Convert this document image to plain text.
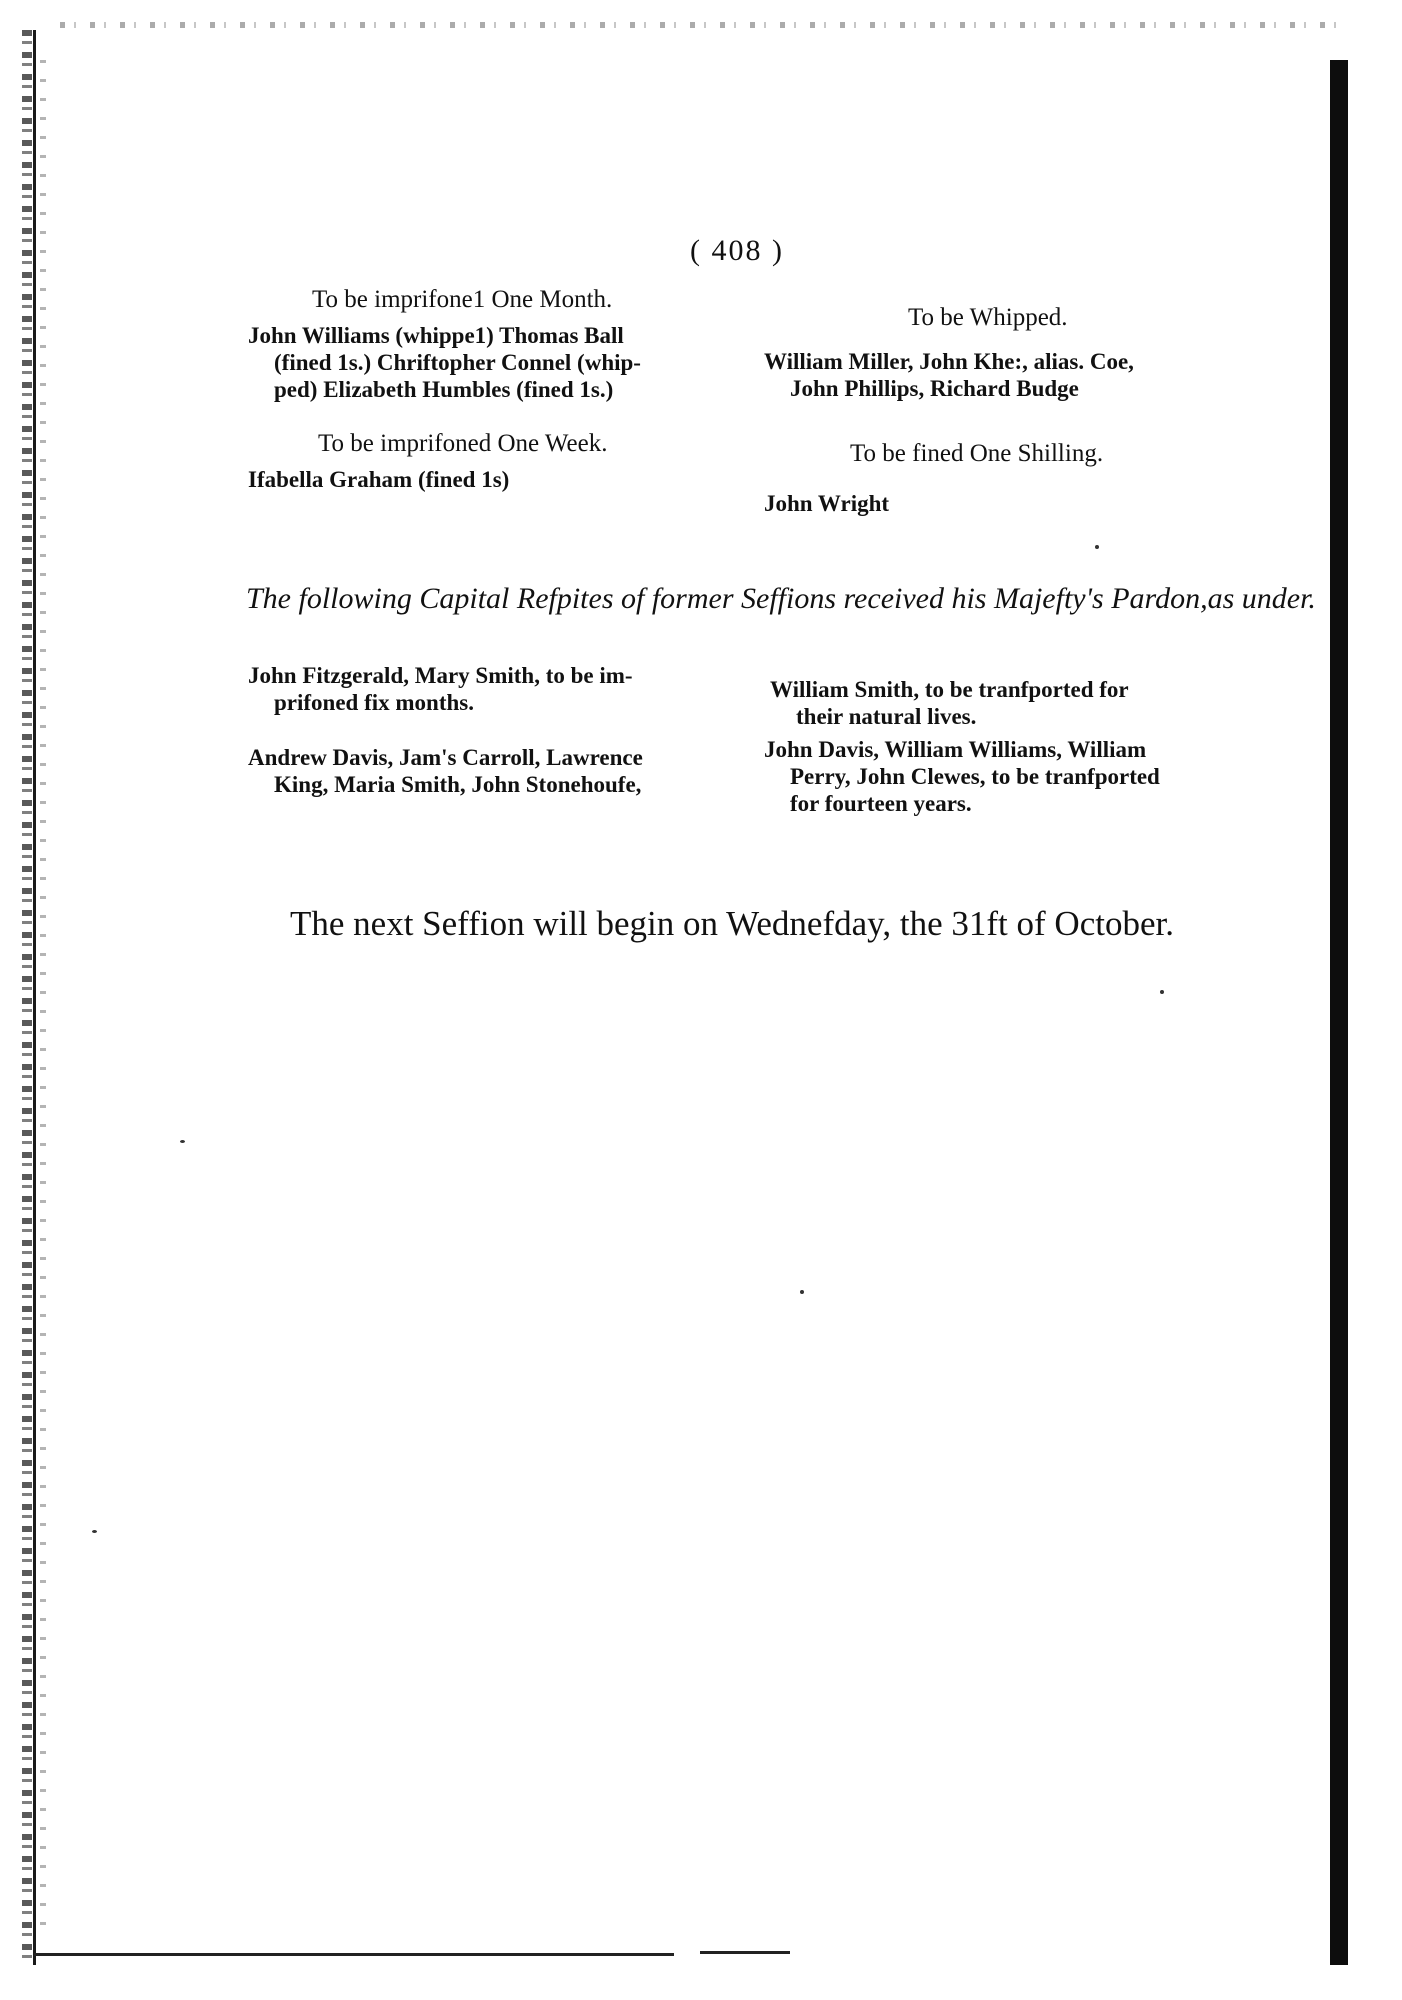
( 408 )
To be imprifone1 One Month.
John Williams (whippe1) Thomas Ball
(fined 1s.) Chriftopher Connel (whip-
ped) Elizabeth Humbles (fined 1s.)
To be imprifoned One Week.
Ifabella Graham (fined 1s)
To be Whipped.
William Miller, John Khe:, alias. Coe,
John Phillips, Richard Budge
To be fined One Shilling.
John Wright
The following Capital Refpites of former Seffions received his Majefty's Pardon,as under.
John Fitzgerald, Mary Smith, to be im-
prifoned fix months.
Andrew Davis, Jam's Carroll, Lawrence
King, Maria Smith, John Stonehoufe,
William Smith, to be tranfported for
their natural lives.
John Davis, William Williams, William
Perry, John Clewes, to be tranfported
for fourteen years.
The next Seffion will begin on Wednefday, the 31ft of October.
